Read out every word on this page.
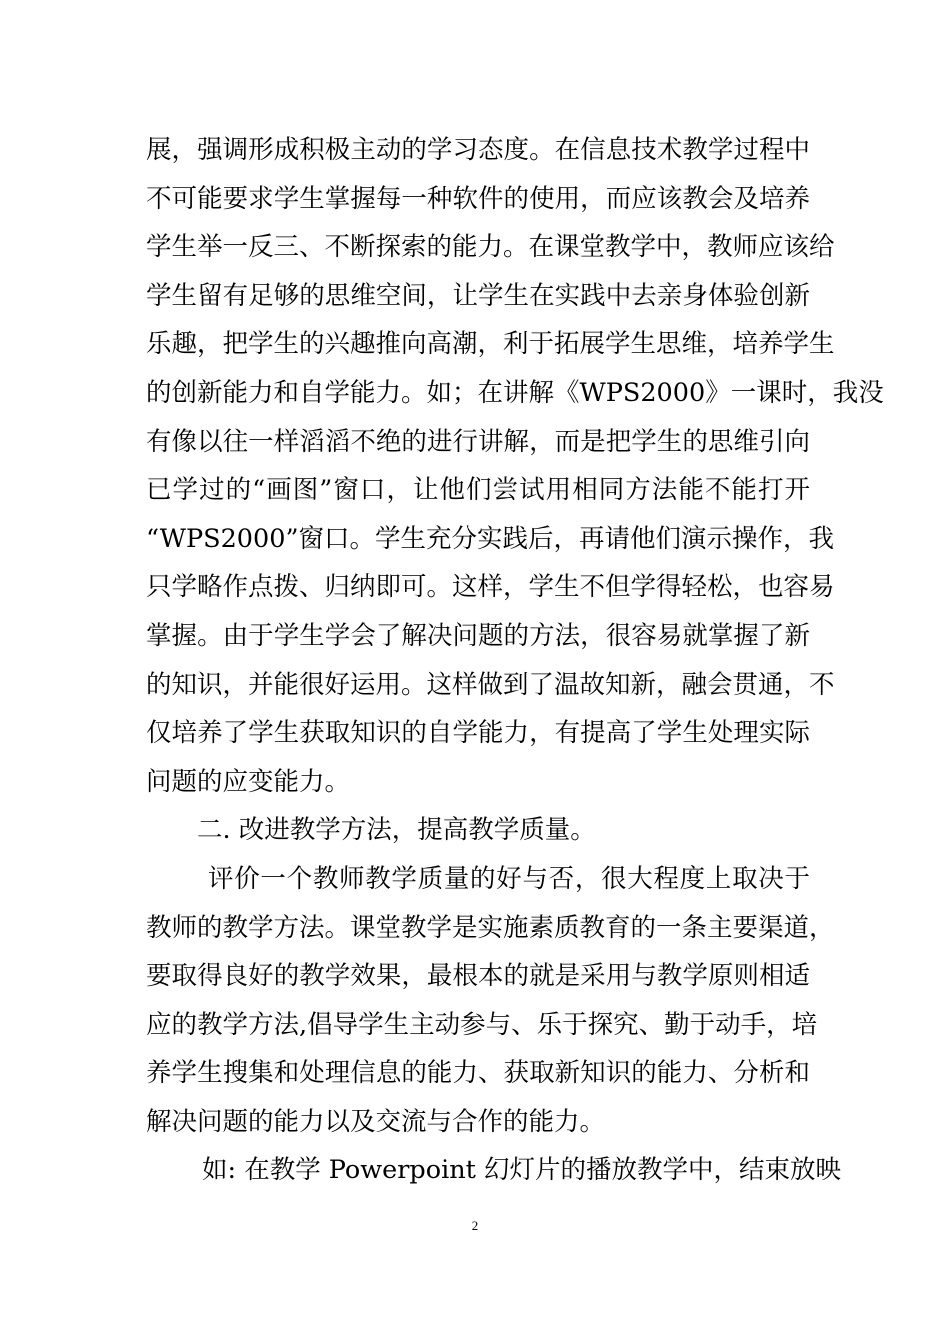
展，强调形成积极主动的学习态度。在信息技术教学过程中
不可能要求学生掌握每一种软件的使用，而应该教会及培养
学生举一反三、不断探索的能力。在课堂教学中，教师应该给
学生留有足够的思维空间，让学生在实践中去亲身体验创新
乐趣，把学生的兴趣推向高潮，利于拓展学生思维，培养学生
的创新能力和自学能力。如；在讲解《WPS2000》一课时，我没
有像以往一样滔滔不绝的进行讲解，而是把学生的思维引向
已学过的“画图”窗口，让他们尝试用相同方法能不能打开
“WPS2000”窗口。学生充分实践后，再请他们演示操作，我
只学略作点拨、归纳即可。这样，学生不但学得轻松，也容易
掌握。由于学生学会了解决问题的方法，很容易就掌握了新
的知识，并能很好运用。这样做到了温故知新，融会贯通，不
仅培养了学生获取知识的自学能力，有提高了学生处理实际
问题的应变能力。
二. 改进教学方法，提高教学质量。
评价一个教师教学质量的好与否，很大程度上取决于
教师的教学方法。课堂教学是实施素质教育的一条主要渠道，
要取得良好的教学效果，最根本的就是采用与教学原则相适
应的教学方法,倡导学生主动参与、乐于探究、勤于动手，培
养学生搜集和处理信息的能力、获取新知识的能力、分析和
解决问题的能力以及交流与合作的能力。
如: 在教学 Powerpoint 幻灯片的播放教学中，结束放映
2
